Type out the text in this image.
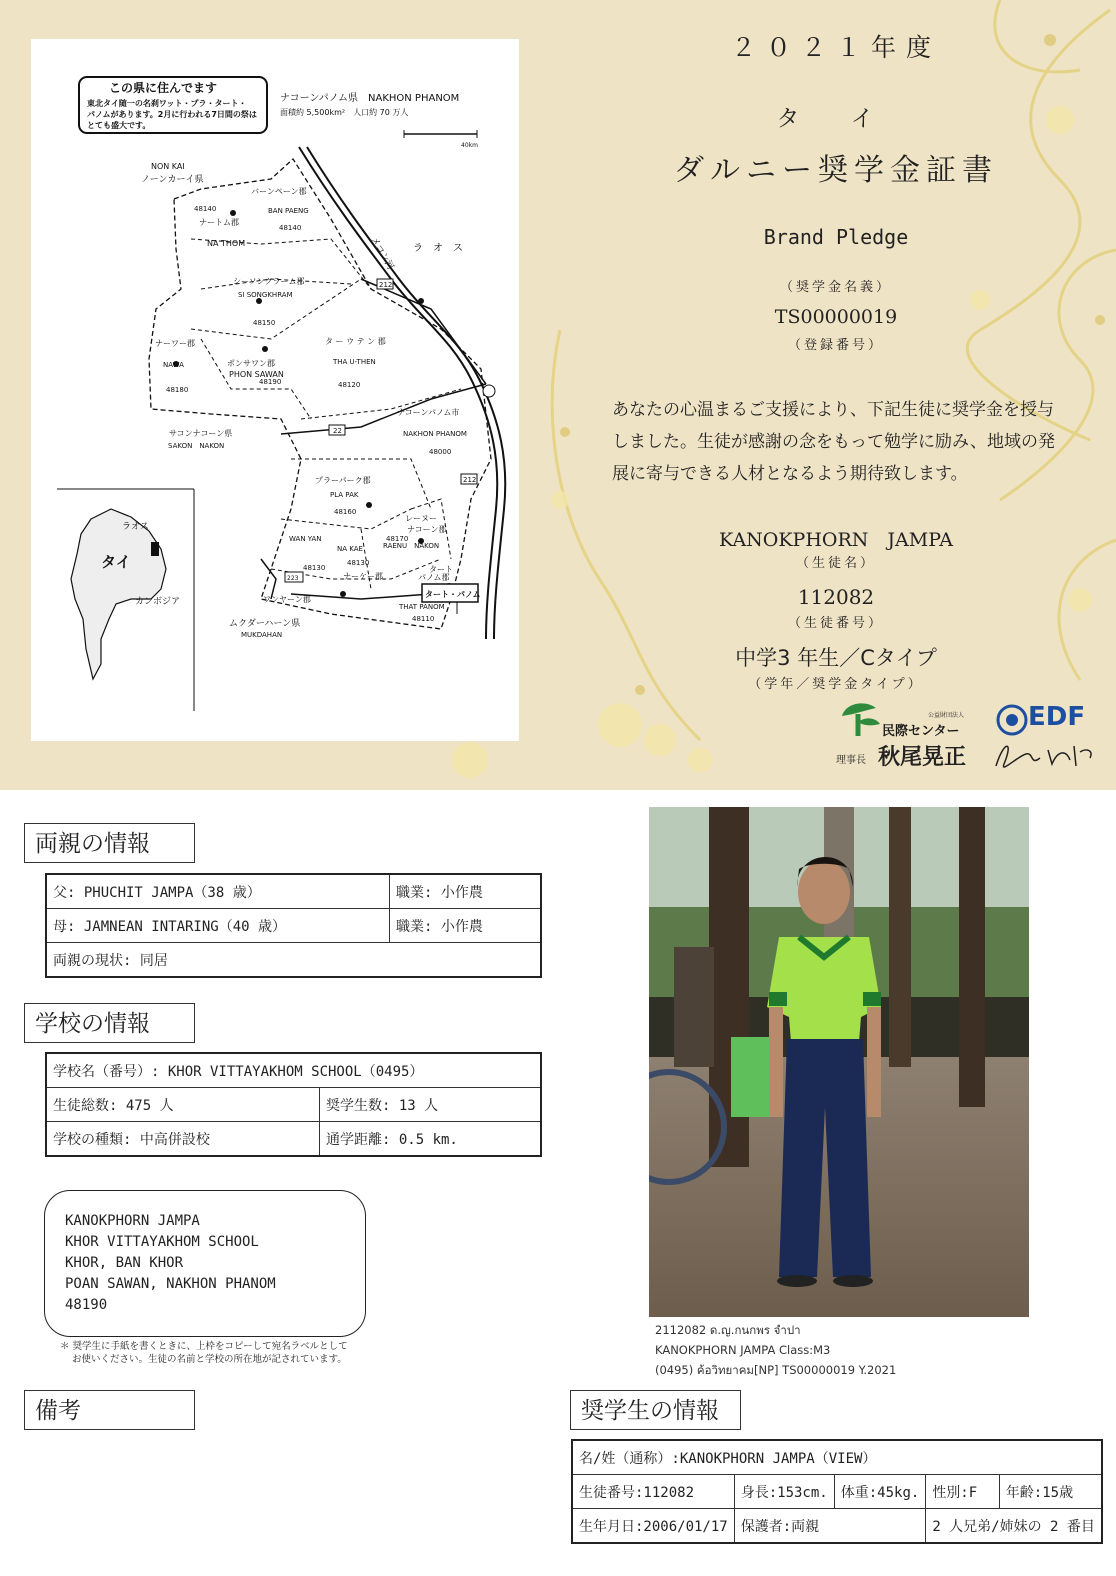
この県に住んでます
東北タイ随一の名刹ワット・プラ・タート・
パノムがあります。2月に行われる7日間の祭は
とても盛大です。
ナコーンパノム県　NAKHON PHANOM
面積約 5,500km²　人口約 70 万人
40km
NON KAI
ノーンカーイ県
バーンペーン郡
BAN PAENG
48140
48140
ナートム郡
NA THOM	ラ　オ　ス
メコン河
シーソンクラーム郡
SI SONGKHRAM
48150
212
ナーワー郡
NAWA
48180
ポンサワン郡
PHON SAWAN
48190
タ ー ウ テ ン 郡
THA U-THEN
48120
ナコーンパノム市
NAKHON PHANOM
48000
サコンナコーン県
SAKON　NAKON
22
212
プラーパーク郡
PLA PAK
48160
レーヌー
ナコーン郡
48170
RAENU　NAKON
WAN YAN
NA KAE
48130
48130
ナーケー郡
タート
パノム郡
223
ワンヤーン郡
ムクダーハーン県
MUKDAHAN
THAT PANOM
48110
タート・パノム
ラオス
タイ
カンボジア
２０２１年度
タ イ
ダルニー奨学金証書
Brand Pledge
（奨学金名義）
TS00000019
（登録番号）
あなたの心温まるご支援により、下記生徒に奨学金を授与しました。生徒が感謝の念をもって勉学に励み、地域の発展に寄与できる人材となるよう期待致します。
KANOKPHORN　JAMPA
（生徒名）
112082
（生徒番号）
中学3 年生／Cタイプ
（学年／奨学金タイプ）
公益財団法人
民際センター
理事長 秋尾晃正
EDF
両親の情報
父: PHUCHIT JAMPA（38 歳）	職業: 小作農
母: JAMNEAN INTARING（40 歳）	職業: 小作農
両親の現状: 同居	
学校の情報
学校名（番号）: KHOR VITTAYAKHOM SCHOOL（0495）	
生徒総数: 475 人	奨学生数: 13 人
学校の種類: 中高併設校	通学距離: 0.5 km.
KANOKPHORN JAMPA
KHOR VITTAYAKHOM SCHOOL
KHOR, BAN KHOR
POAN SAWAN, NAKHON PHANOM
48190
＊ 奨学生に手紙を書くときに、上枠をコピーして宛名ラベルとして
お使いください。生徒の名前と学校の所在地が記されています。
備考
2112082 ด.ญ.กนกพร จำปา
KANOKPHORN JAMPA Class:M3
(0495) ค้อวิทยาคม[NP] TS00000019 Y.2021
奨学生の情報
名/姓（通称）:KANOKPHORN JAMPA（VIEW）				
生徒番号:112082	身長:153cm.	体重:45kg.	性別:F	年齢:15歳
生年月日:2006/01/17	保護者:両親		2 人兄弟/姉妹の 2 番目	
